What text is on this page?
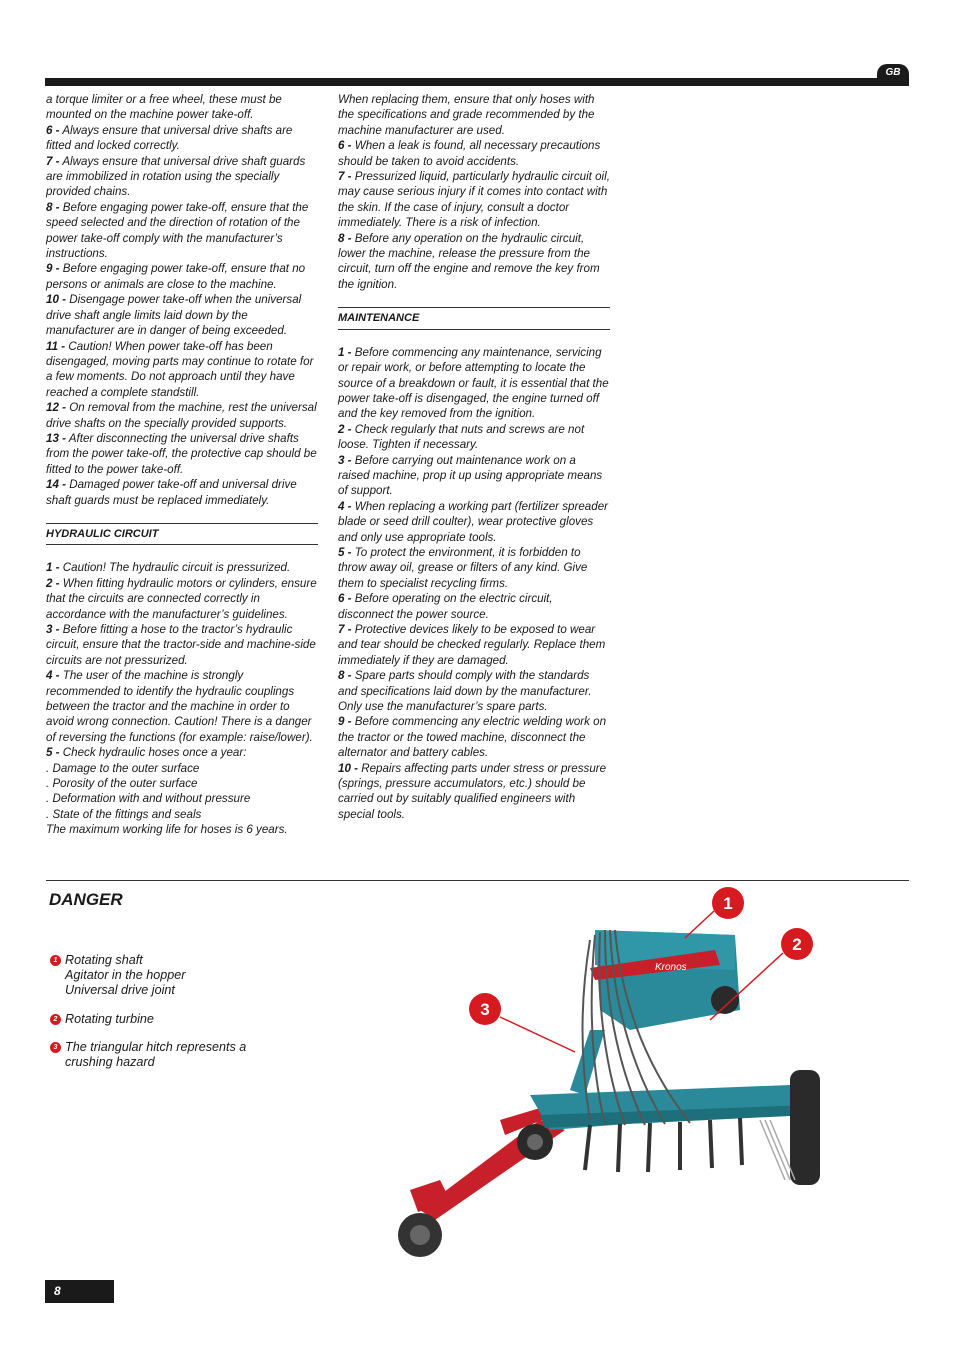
GB

a torque limiter or a free wheel, these must be mounted on the machine power take-off.

6 - Always ensure that universal drive shafts are fitted and locked correctly.

7 - Always ensure that universal drive shaft guards are immobilized in rotation using the specially provided chains.

8 - Before engaging power take-off, ensure that the speed selected and the direction of rotation of the power take-off comply with the manufacturer’s instructions.

9 - Before engaging power take-off, ensure that no persons or animals are close to the machine.

10 - Disengage power take-off when the universal drive shaft angle limits laid down by the manufacturer are in danger of being exceeded.

11 - Caution! When power take-off has been disengaged, moving parts may continue to rotate for a few moments. Do not approach until they have reached a complete standstill.

12 - On removal from the machine, rest the universal drive shafts on the specially provided supports.

13 - After disconnecting the universal drive shafts from the power take-off, the protective cap should be fitted to the power take-off.

14 - Damaged power take-off and universal drive shaft guards must be replaced immediately.

HYDRAULIC CIRCUIT

1 - Caution! The hydraulic circuit is pressurized.

2 - When fitting hydraulic motors or cylinders, ensure that the circuits are connected correctly in accordance with the manufacturer’s guidelines.

3 - Before fitting a hose to the tractor’s hydraulic circuit, ensure that the tractor-side and machine-side circuits are not pressurized.

4 - The user of the machine is strongly recommended to identify the hydraulic couplings between the tractor and the machine in order to avoid wrong connection. Caution! There is a danger of reversing the functions (for example: raise/lower).

5 - Check hydraulic hoses once a year:

. Damage to the outer surface

. Porosity of the outer surface

. Deformation with and without pressure

. State of the fittings and seals

The maximum working life for hoses is 6 years.

When replacing them, ensure that only hoses with the specifications and grade recommended by the machine manufacturer are used.

6 - When a leak is found, all necessary precautions should be taken to avoid accidents.

7 - Pressurized liquid, particularly hydraulic circuit oil, may cause serious injury if it comes into contact with the skin. If the case of injury, consult a doctor immediately. There is a risk of infection.

8 - Before any operation on the hydraulic circuit, lower the machine, release the pressure from the circuit, turn off the engine and remove the key from the ignition.

MAINTENANCE

1 - Before commencing any maintenance, servicing or repair work, or before attempting to locate the source of a breakdown or fault, it is essential that the power take-off is disengaged, the engine turned off and the key removed from the ignition.

2 - Check regularly that nuts and screws are not loose. Tighten if necessary.

3 - Before carrying out maintenance work on a raised machine, prop it up using appropriate means of support.

4 - When replacing a working part (fertilizer spreader blade or seed drill coulter), wear protective gloves and only use appropriate tools.

5 - To protect the environment, it is forbidden to throw away oil, grease or filters of any kind. Give them to specialist recycling firms.

6 - Before operating on the electric circuit, disconnect the power source.

7 - Protective devices likely to be exposed to wear and tear should be checked regularly. Replace them immediately if they are damaged.

8 - Spare parts should comply with the standards and specifications laid down by the manufacturer. Only use the manufacturer’s spare parts.

9 - Before commencing any electric welding work on the tractor or the towed machine, disconnect the alternator and battery cables.

10 - Repairs affecting parts under stress or pressure (springs, pressure accumulators, etc.) should be carried out by suitably qualified engineers with special tools.

DANGER
1 Rotating shaft
Agitator in the hopper
Universal drive joint
2 Rotating turbine
3 The triangular hitch represents a
crushing hazard
Kronos
1
2
3
8
